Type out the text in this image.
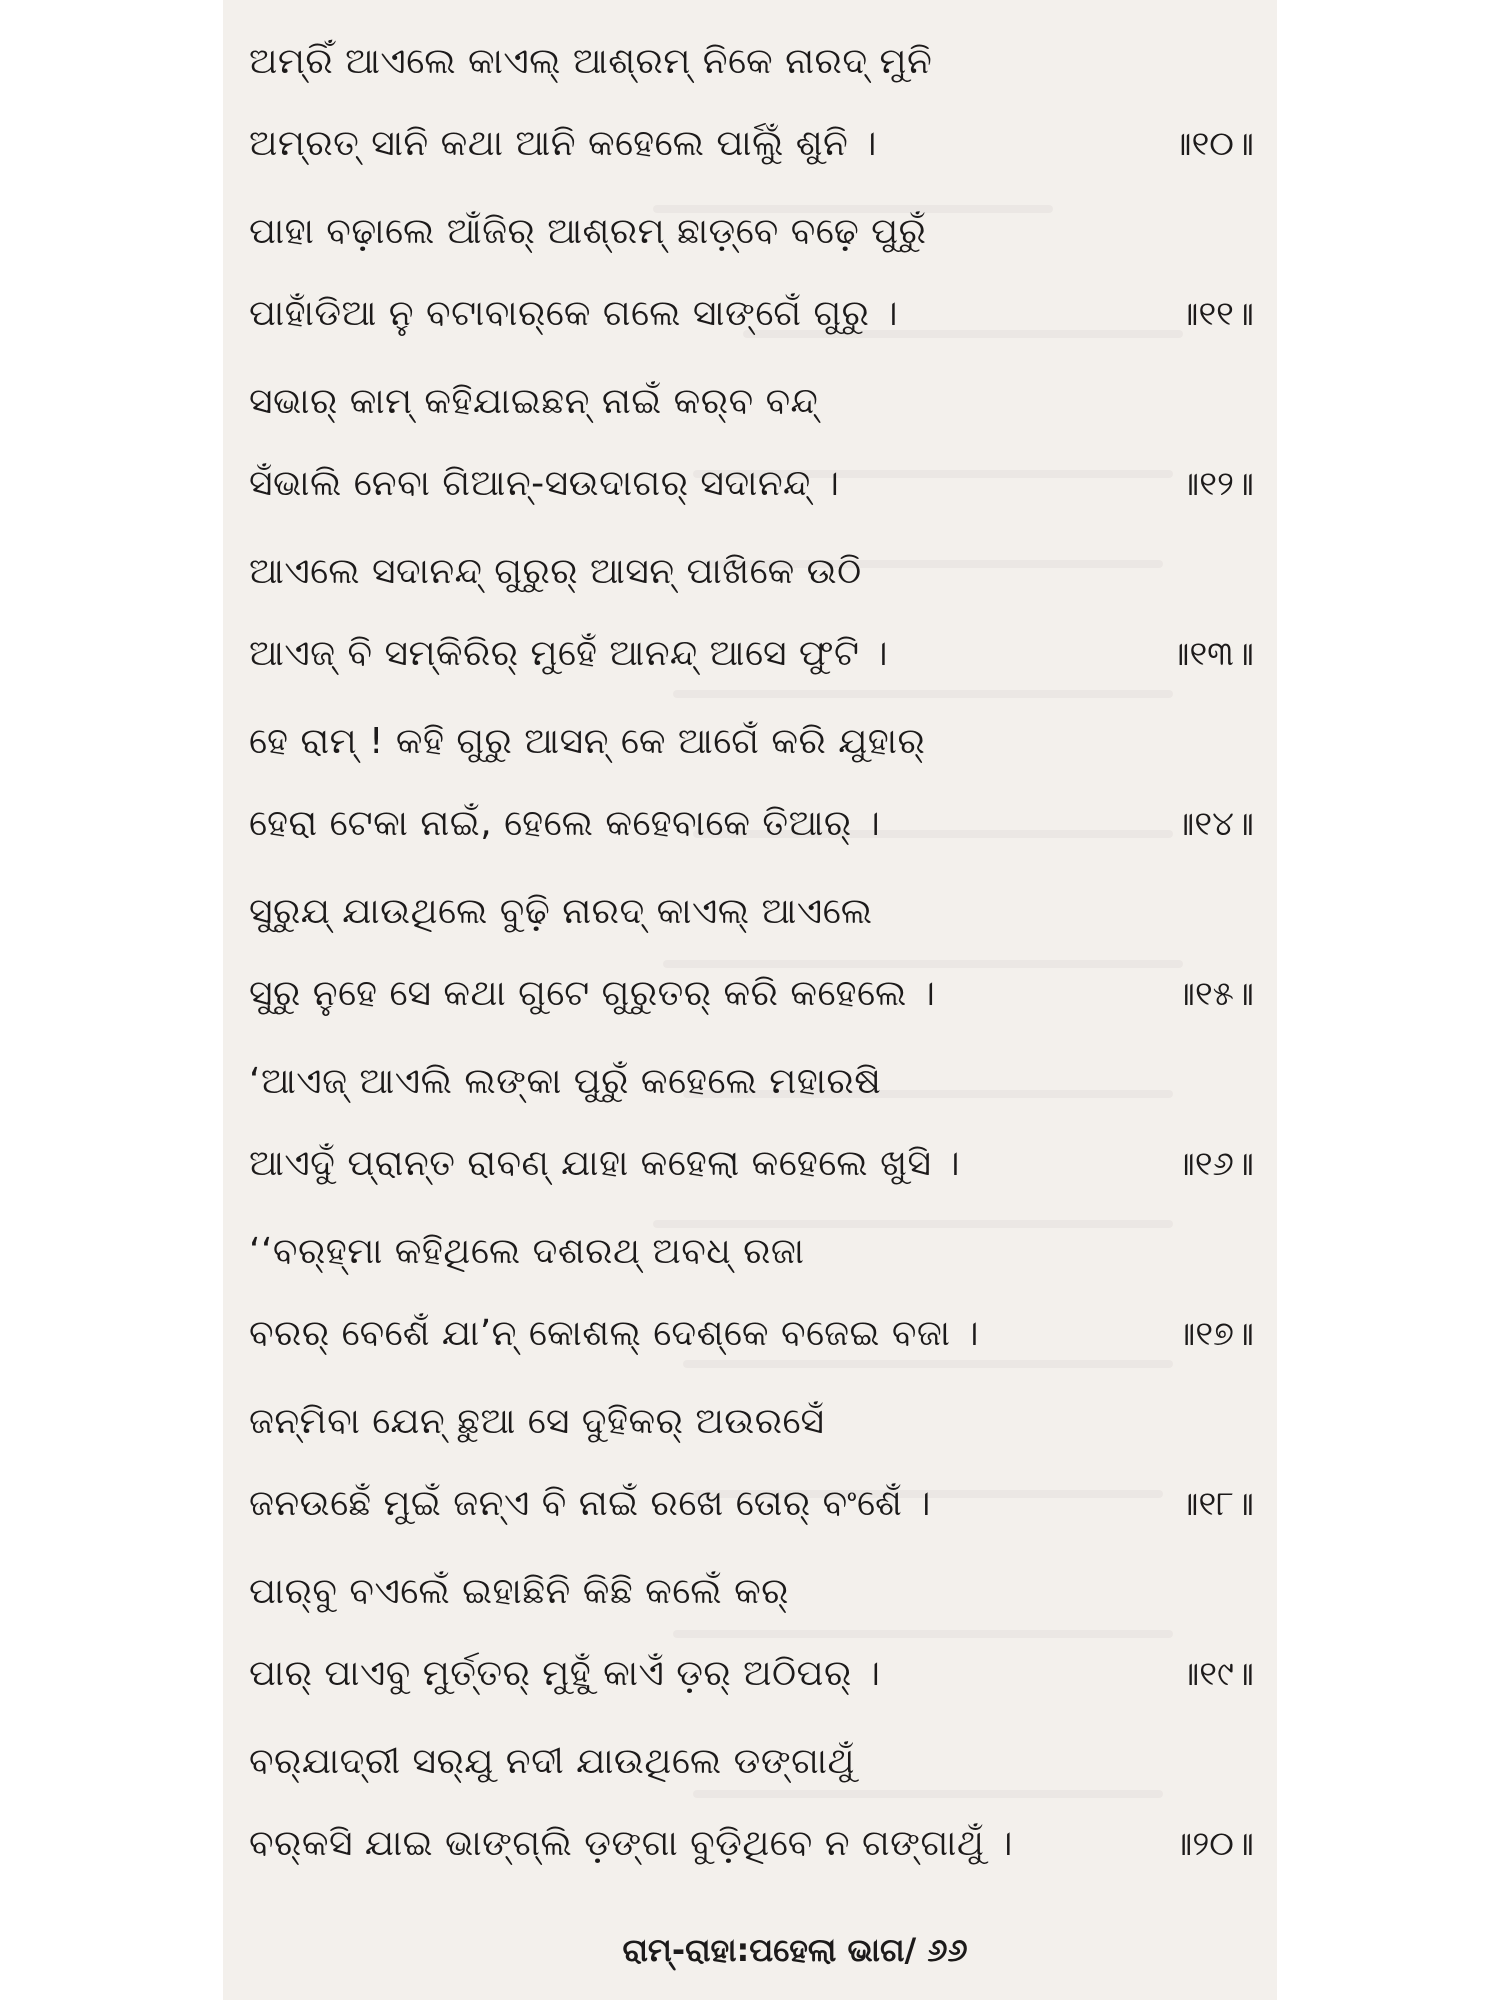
ଅମ୍ରିଁ ଆଏଲେ କାଏଲ୍ ଆଶ୍ରମ୍ ନିକେ ନାରଦ୍ ମୁନି
ଅମ୍ରତ୍ ସାନି କଥା ଆନି କହେଲେ ପାର୍ଲୁଁ ଶୁନି ।	॥୧୦॥
ପାହା ବଢ଼ାଲେ ଆଁଜିର୍ ଆଶ୍ରମ୍ ଛାଡ଼୍‌ବେ ବଢ଼େ ପୁରୁଁ
ପାହାଁଡିଆ ନୁ ବଟାବାର୍‌କେ ଗଲେ ସାଙ୍ଗେଁ ଗୁରୁ ।	॥୧୧॥
ସଭାର୍ କାମ୍ କହିଯାଇଛନ୍ ନାଇଁ କର୍‌ବ ବନ୍ଦ୍
ସଁଭାଲି ନେବା ଗିଆନ୍-ସଉଦାଗର୍ ସଦାନନ୍ଦ୍ ।	॥୧୨॥
ଆଏଲେ ସଦାନନ୍ଦ୍ ଗୁରୁର୍ ଆସନ୍ ପାଖିକେ ଉଠି
ଆଏଜ୍ ବି ସମ୍‌କିରିର୍ ମୁହେଁ ଆନନ୍ଦ୍ ଆସେ ଫୁଟି ।	॥୧୩॥
ହେ ରାମ୍ ! କହି ଗୁରୁ ଆସନ୍ କେ ଆଗେଁ କରି ଯୁହାର୍
ହେରା ଟେକା ନାଇଁ, ହେଲେ କହେବାକେ ତିଆର୍ ।	॥୧୪॥
ସୁରୁଯ୍ ଯାଉଥିଲେ ବୁଢ଼ି ନାରଦ୍ କାଏଲ୍ ଆଏଲେ
ସୁରୁ ନୁହେ ସେ କଥା ଗୁଟେ ଗୁରୁତର୍ କରି କହେଲେ ।	॥୧୫॥
‘ଆଏଜ୍ ଆଏଲି ଲଙ୍କା ପୁରୁଁ କହେଲେ ମହାରଷି
ଆଏଦୁଁ ପ୍ରାନ୍ତ ରାବଣ୍ ଯାହା କହେଲା କହେଲେ ଖୁସି ।	॥୧୬॥
‘‘ବର୍‌ହ୍ମା କହିଥିଲେ ଦଶରଥ୍ ଅବଧ୍ ରଜା
ବରର୍ ବେଶେଁ ଯା’ନ୍ କୋଶଲ୍ ଦେଶ୍‌କେ ବଜେଇ ବଜା ।	॥୧୭॥
ଜନ୍‌ମିବା ଯେନ୍ ଛୁଆ ସେ ଦୁହିକର୍ ଅଉରସେଁ
ଜନଉଛେଁ ମୁଇଁ ଜନ୍ଏ ବି ନାଇଁ ରଖେ ତୋର୍ ବଂଶେଁ ।	॥୧୮॥
ପାର୍‌ବୁ ବଏଲେଁ ଇହାଛିନି କିଛି କଲେଁ କର୍
ପାର୍ ପାଏବୁ ମୁର୍ତ୍ତର୍ ମୁହୁଁ କାଏଁ ଡ଼ର୍ ଅଠିପର୍ ।	॥୧୯॥
ବର୍‌ଯାଦ୍‌ରୀ ସର୍‌ଯୁ ନଦୀ ଯାଉଥିଲେ ଡଙ୍ଗାଥୁଁ
ବର୍‌କସି ଯାଇ ଭାଙ୍ଗ୍‌ଲି ଡ଼ଙ୍ଗା ବୁଡ଼ିଥିବେ ନ ଗଙ୍ଗାଥୁଁ ।	॥୨୦॥
ରାମ୍-ରାହା:ପହେଲା ଭାଗ/ ୬୬
